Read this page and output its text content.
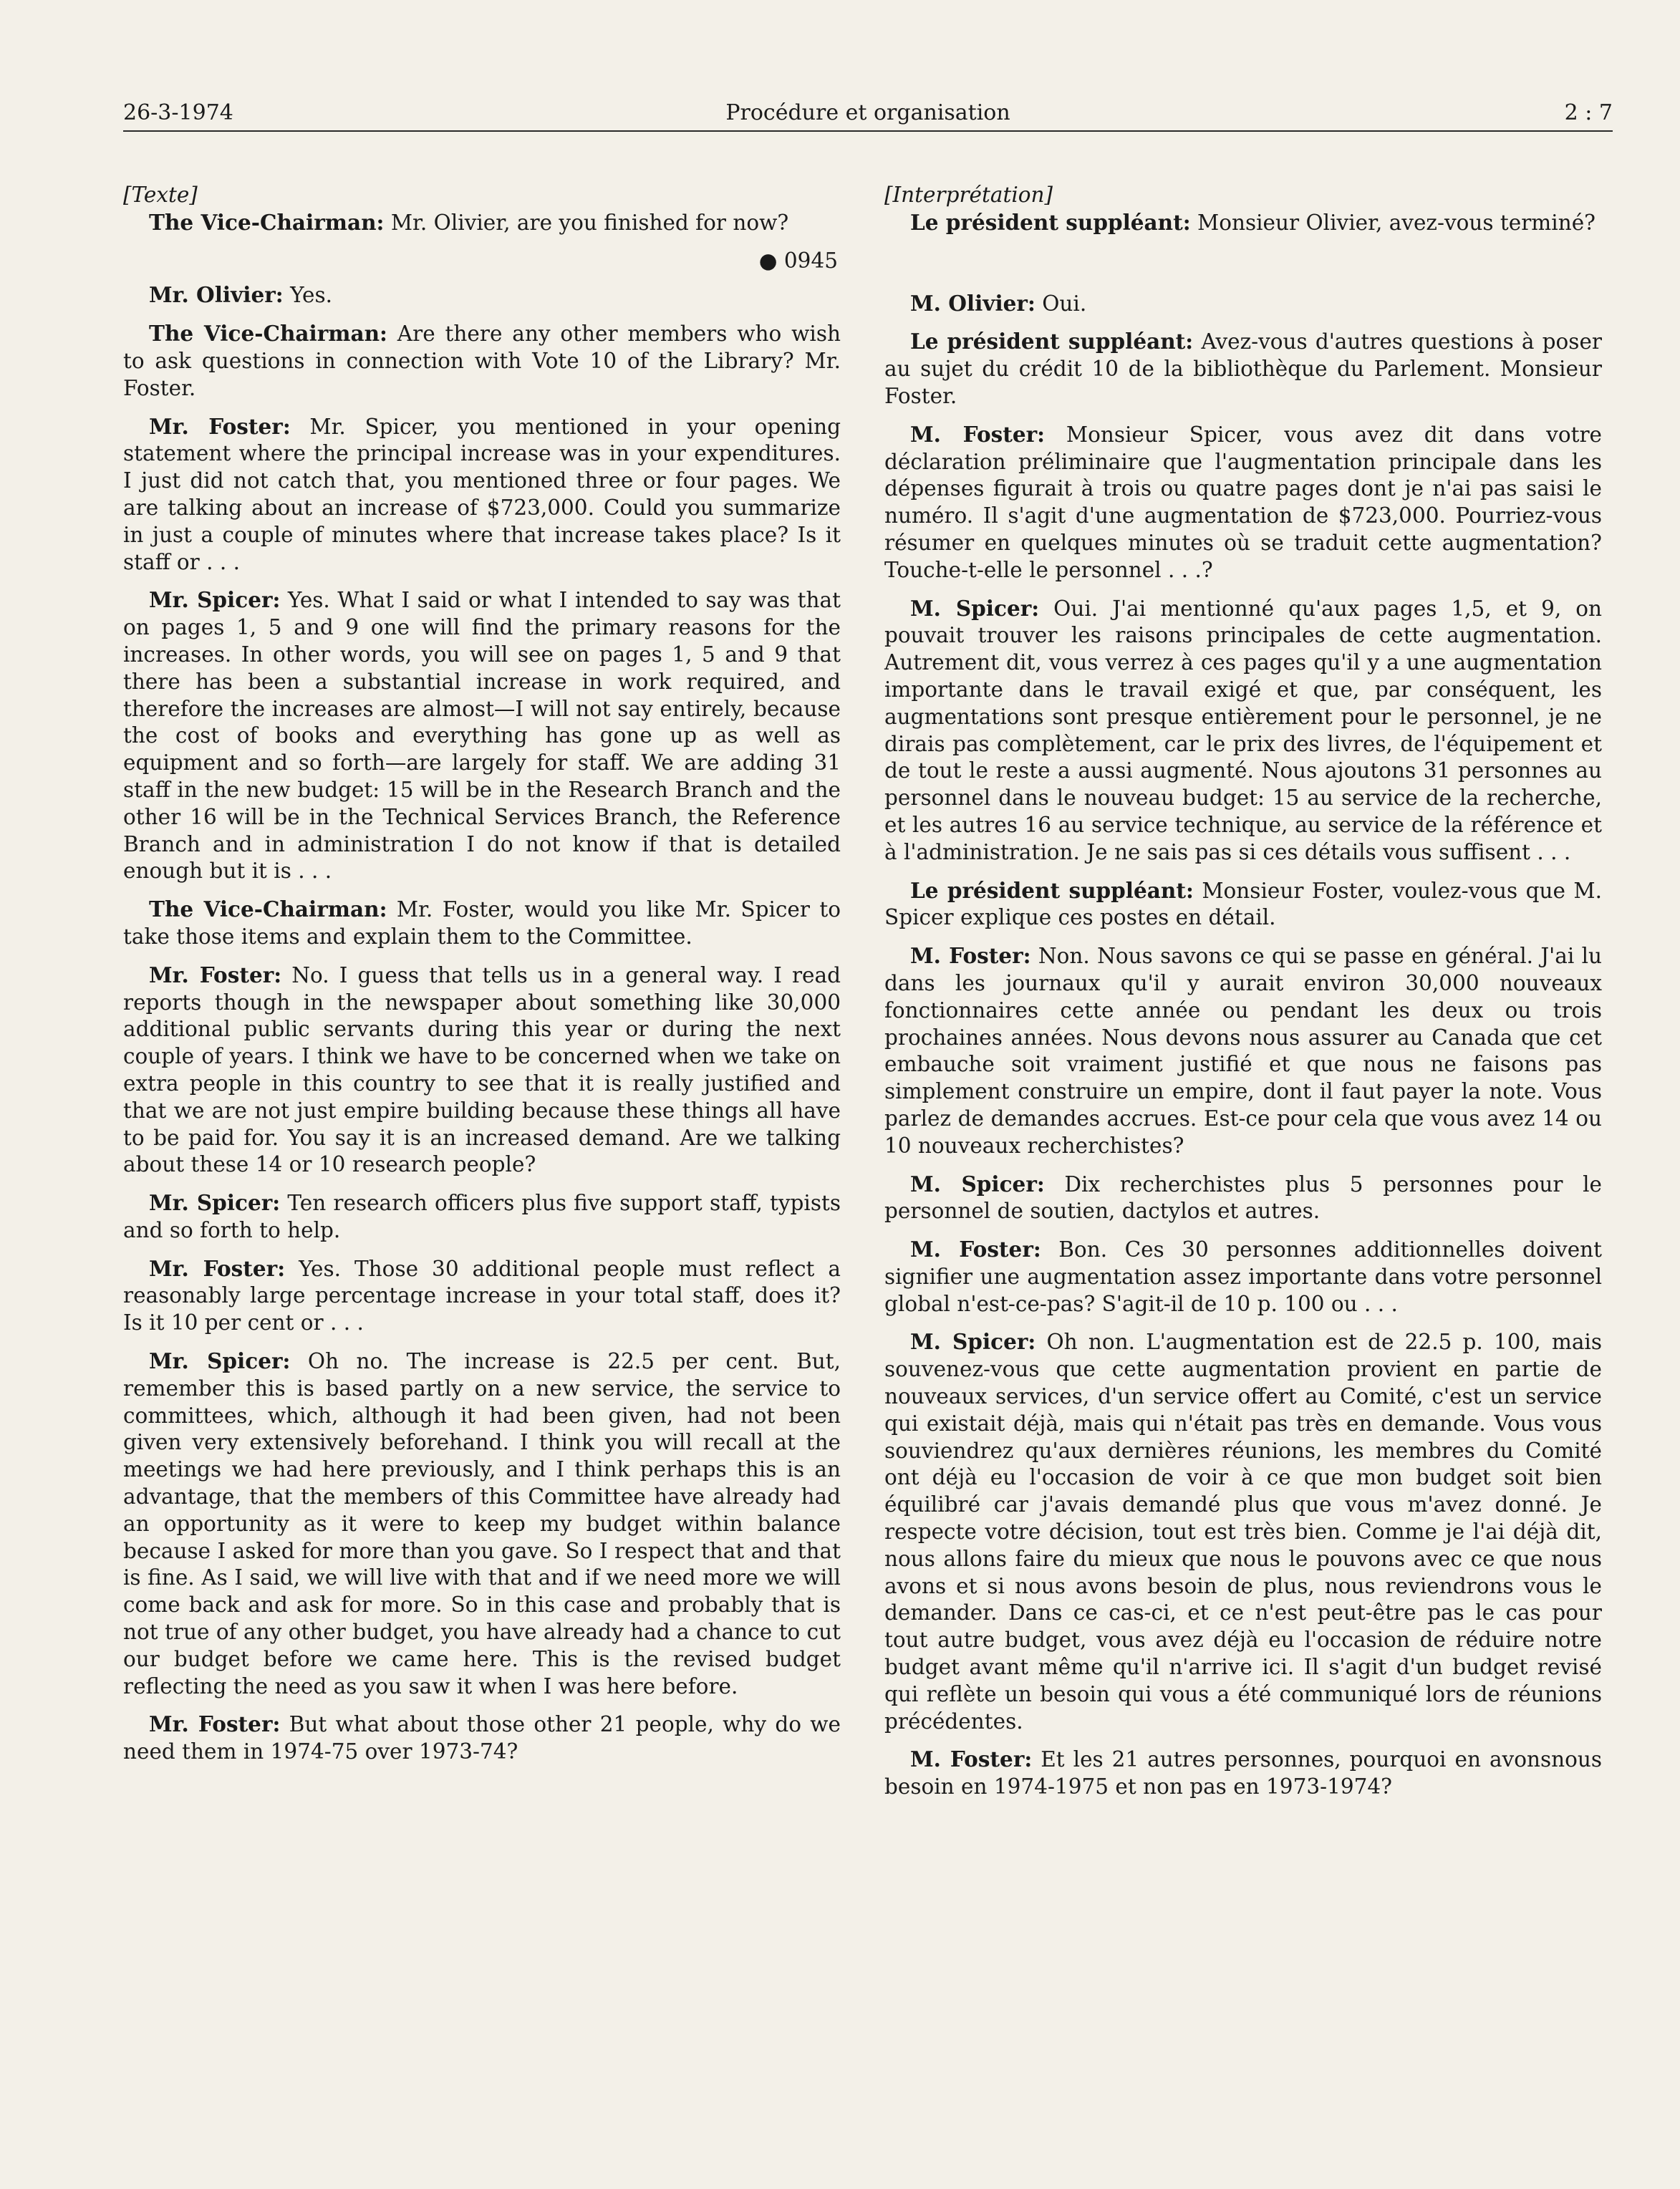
26-3-1974	Procédure et organisation	2 : 7

[Texte]

The Vice-Chairman: Mr. Olivier, are you finished for now?

● 0945

Mr. Olivier: Yes.

The Vice-Chairman: Are there any other members who wish to ask questions in connection with Vote 10 of the Library? Mr. Foster.

Mr. Foster: Mr. Spicer, you mentioned in your opening statement where the principal increase was in your expenditures. I just did not catch that, you mentioned three or four pages. We are talking about an increase of $723,000. Could you summarize in just a couple of minutes where that increase takes place? Is it staff or . . .

Mr. Spicer: Yes. What I said or what I intended to say was that on pages 1, 5 and 9 one will find the primary reasons for the increases. In other words, you will see on pages 1, 5 and 9 that there has been a substantial increase in work required, and therefore the increases are almost—I will not say entirely, because the cost of books and everything has gone up as well as equipment and so forth—are largely for staff. We are adding 31 staff in the new budget: 15 will be in the Research Branch and the other 16 will be in the Technical Services Branch, the Reference Branch and in administration I do not know if that is detailed enough but it is . . .

The Vice-Chairman: Mr. Foster, would you like Mr. Spicer to take those items and explain them to the Committee.

Mr. Foster: No. I guess that tells us in a general way. I read reports though in the newspaper about something like 30,000 additional public servants during this year or during the next couple of years. I think we have to be concerned when we take on extra people in this country to see that it is really justified and that we are not just empire building because these things all have to be paid for. You say it is an increased demand. Are we talking about these 14 or 10 research people?

Mr. Spicer: Ten research officers plus five support staff, typists and so forth to help.

Mr. Foster: Yes. Those 30 additional people must reflect a reasonably large percentage increase in your total staff, does it? Is it 10 per cent or . . .

Mr. Spicer: Oh no. The increase is 22.5 per cent. But, remember this is based partly on a new service, the service to committees, which, although it had been given, had not been given very extensively beforehand. I think you will recall at the meetings we had here previously, and I think perhaps this is an advantage, that the members of this Committee have already had an opportunity as it were to keep my budget within balance because I asked for more than you gave. So I respect that and that is fine. As I said, we will live with that and if we need more we will come back and ask for more. So in this case and probably that is not true of any other budget, you have already had a chance to cut our budget before we came here. This is the revised budget reflecting the need as you saw it when I was here before.

Mr. Foster: But what about those other 21 people, why do we need them in 1974-75 over 1973-74?

[Interprétation]

Le président suppléant: Monsieur Olivier, avez-vous terminé?

M. Olivier: Oui.

Le président suppléant: Avez-vous d'autres questions à poser au sujet du crédit 10 de la bibliothèque du Parlement. Monsieur Foster.

M. Foster: Monsieur Spicer, vous avez dit dans votre déclaration préliminaire que l'augmentation principale dans les dépenses figurait à trois ou quatre pages dont je n'ai pas saisi le numéro. Il s'agit d'une augmentation de $723,000. Pourriez-vous résumer en quelques minutes où se traduit cette augmentation? Touche-t-elle le personnel . . .?

M. Spicer: Oui. J'ai mentionné qu'aux pages 1,5, et 9, on pouvait trouver les raisons principales de cette augmentation. Autrement dit, vous verrez à ces pages qu'il y a une augmentation importante dans le travail exigé et que, par conséquent, les augmentations sont presque entièrement pour le personnel, je ne dirais pas complètement, car le prix des livres, de l'équipement et de tout le reste a aussi augmenté. Nous ajoutons 31 personnes au personnel dans le nouveau budget: 15 au service de la recherche, et les autres 16 au service technique, au service de la référence et à l'administration. Je ne sais pas si ces détails vous suffisent . . .

Le président suppléant: Monsieur Foster, voulez-vous que M. Spicer explique ces postes en détail.

M. Foster: Non. Nous savons ce qui se passe en général. J'ai lu dans les journaux qu'il y aurait environ 30,000 nouveaux fonctionnaires cette année ou pendant les deux ou trois prochaines années. Nous devons nous assurer au Canada que cet embauche soit vraiment justifié et que nous ne faisons pas simplement construire un empire, dont il faut payer la note. Vous parlez de demandes accrues. Est-ce pour cela que vous avez 14 ou 10 nouveaux recherchistes?

M. Spicer: Dix recherchistes plus 5 personnes pour le personnel de soutien, dactylos et autres.

M. Foster: Bon. Ces 30 personnes additionnelles doivent signifier une augmentation assez importante dans votre personnel global n'est-ce-pas? S'agit-il de 10 p. 100 ou . . .

M. Spicer: Oh non. L'augmentation est de 22.5 p. 100, mais souvenez-vous que cette augmentation provient en partie de nouveaux services, d'un service offert au Comité, c'est un service qui existait déjà, mais qui n'était pas très en demande. Vous vous souviendrez qu'aux dernières réunions, les membres du Comité ont déjà eu l'occasion de voir à ce que mon budget soit bien équilibré car j'avais demandé plus que vous m'avez donné. Je respecte votre décision, tout est très bien. Comme je l'ai déjà dit, nous allons faire du mieux que nous le pouvons avec ce que nous avons et si nous avons besoin de plus, nous reviendrons vous le demander. Dans ce cas-ci, et ce n'est peut-être pas le cas pour tout autre budget, vous avez déjà eu l'occasion de réduire notre budget avant même qu'il n'arrive ici. Il s'agit d'un budget revisé qui reflète un besoin qui vous a été communiqué lors de réunions précédentes.

M. Foster: Et les 21 autres personnes, pourquoi en avonsnous besoin en 1974-1975 et non pas en 1973-1974?
